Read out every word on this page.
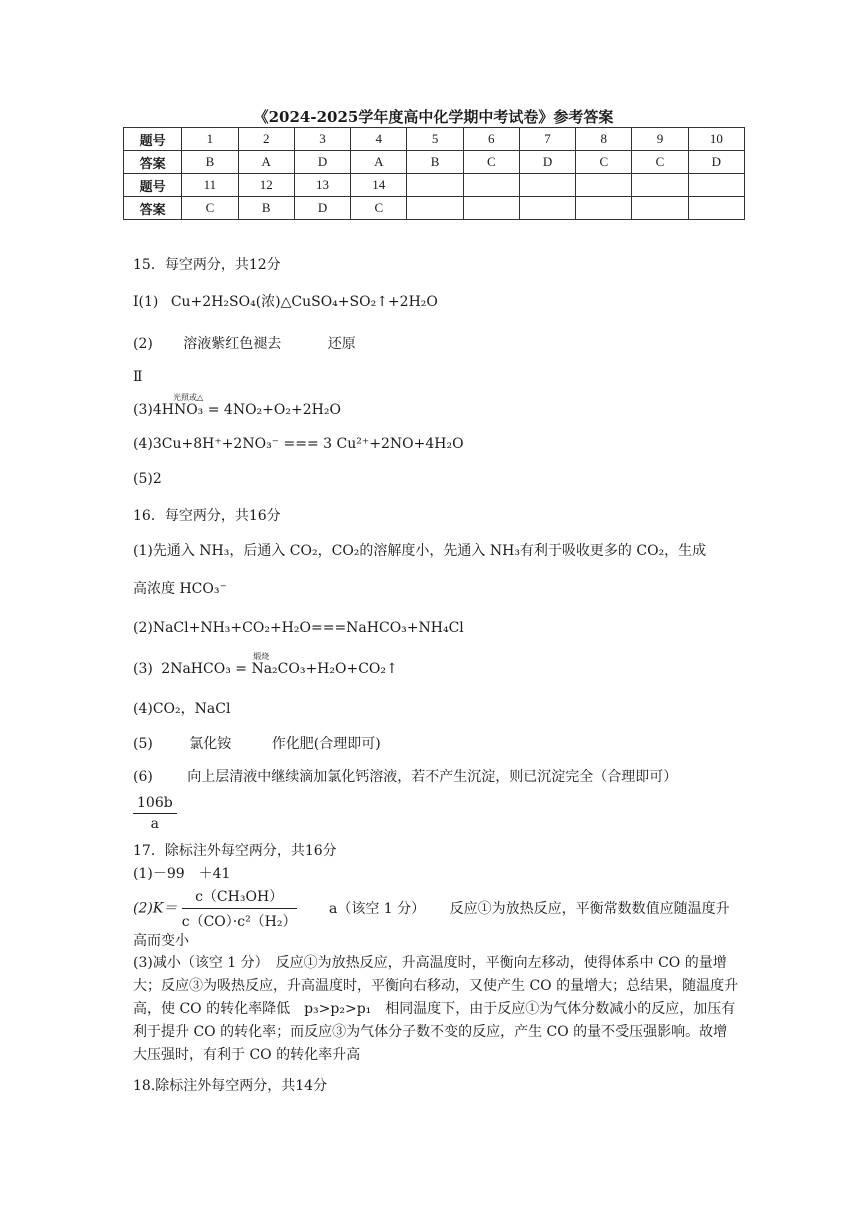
《2024-2025学年度高中化学期中考试卷》参考答案
题号	1	2	3	4	5	6	7	8	9	10
答案	B	A	D	A	B	C	D	C	C	D
题号	11	12	13	14						
答案	C	B	D	C						
15．每空两分，共12分
Ⅰ(1) Cu+2H₂SO₄(浓)△CuSO₄+SO₂↑+2H₂O
(2) 溶液紫红色褪去	还原
Ⅱ
光照或△
(3)4HNO₃ = 4NO₂+O₂+2H₂O
(4)3Cu+8H⁺+2NO₃⁻ === 3 Cu²⁺+2NO+4H₂O
(5)2
16．每空两分，共16分
(1)先通入 NH₃，后通入 CO₂，CO₂的溶解度小，先通入 NH₃有利于吸收更多的 CO₂，生成
高浓度 HCO₃⁻
(2)NaCl+NH₃+CO₂+H₂O===NaHCO₃+NH₄Cl
(3)
煅烧
2NaHCO₃ = Na₂CO₃+H₂O+CO₂↑
(4)CO₂，NaCl
(5)	氯化铵	作化肥(合理即可)
(6) 向上层清液中继续滴加氯化钙溶液，若不产生沉淀，则已沉淀完全（合理即可）
$\frac{106b}{a}$
17．除标注外每空两分，共16分
(1)－99　＋41
$(2)K= \frac{\text{c（CH₃OH）}}{\text{c（CO）·c²（H₂）}} a$（该空 1 分） 反应①为放热反应，平衡常数数值应随温度升
高而变小
(3)减小（该空 1 分）　反应①为放热反应，升高温度时，平衡向左移动，使得体系中 CO 的量增大；反应③为吸热反应，升高温度时，平衡向右移动，又使产生 CO 的量增大；总结果，随温度升高，使 CO 的转化率降低　p₃>p₂>p₁　相同温度下，由于反应①为气体分数减小的反应，加压有利于提升 CO 的转化率；而反应③为气体分子数不变的反应，产生 CO 的量不受压强影响。故增大压强时，有利于 CO 的转化率升高
18.除标注外每空两分，共14分
